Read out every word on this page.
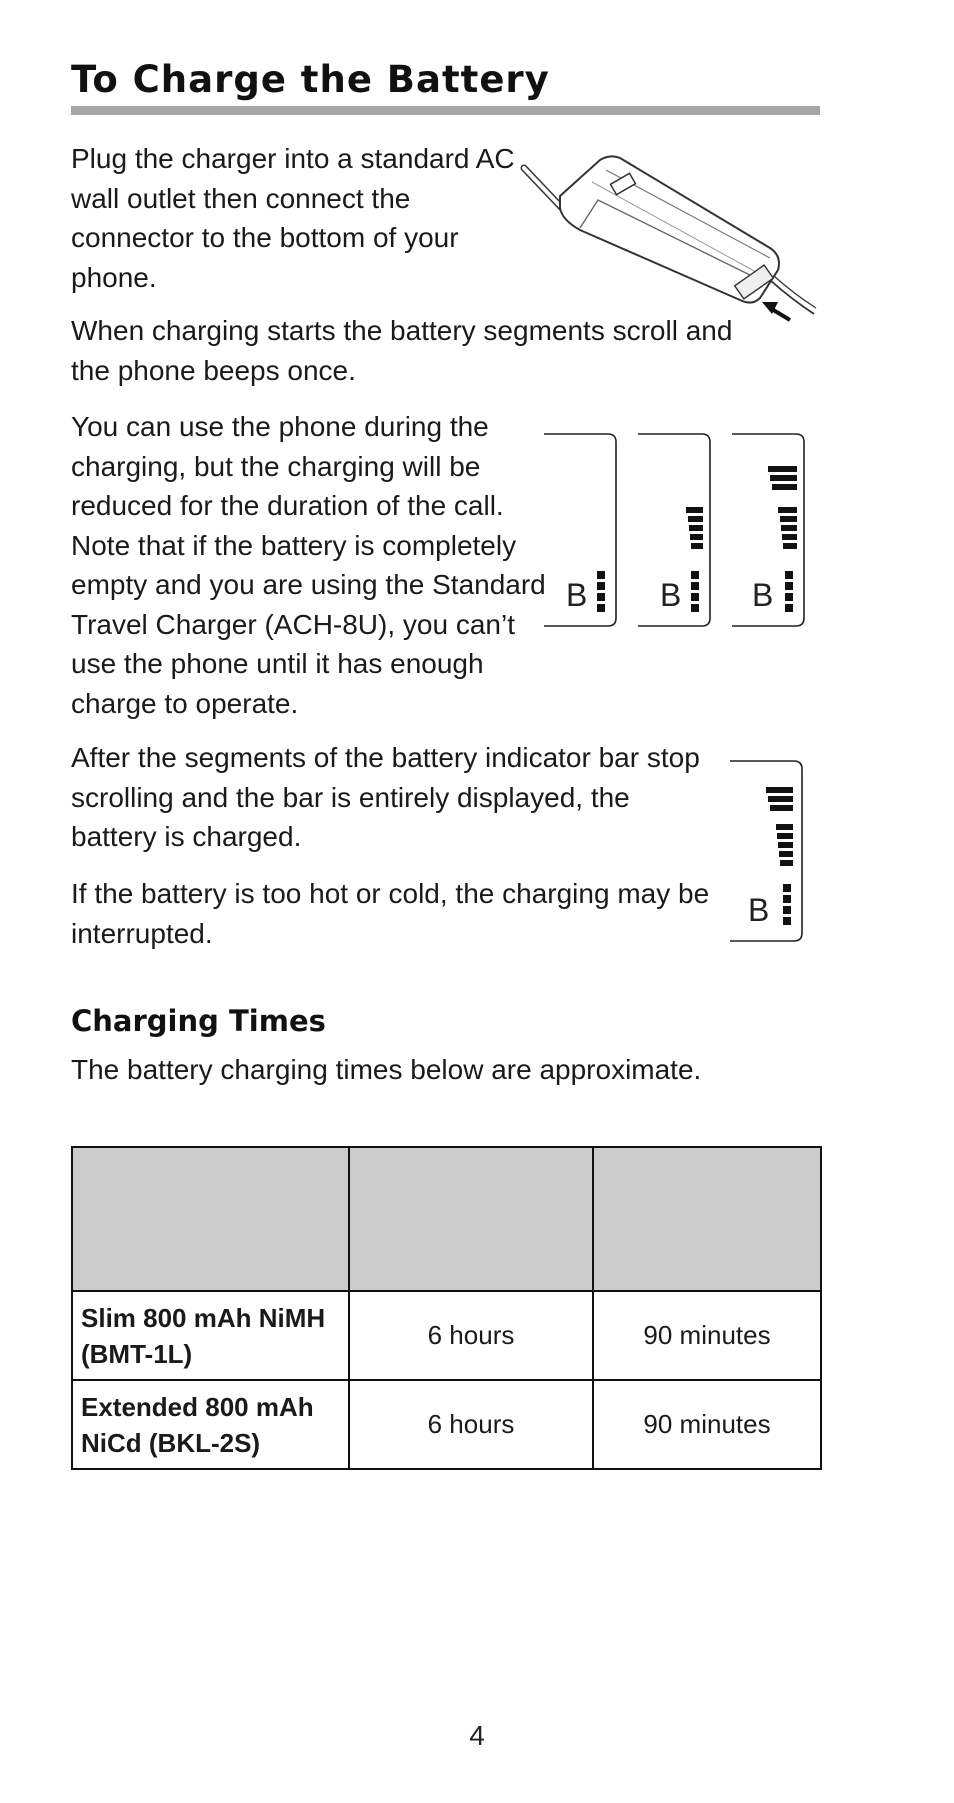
To Charge the Battery

Plug the charger into a standard AC wall outlet then connect the connector to the bottom of your phone.

When charging starts the battery segments scroll and the phone beeps once.

You can use the phone during the charging, but the charging will be reduced for the duration of the call. Note that if the battery is completely empty and you are using the Standard Travel Charger (ACH-8U), you can’t use the phone until it has enough charge to operate.

B B B

After the segments of the battery indicator bar stop scrolling and the bar is entirely displayed, the battery is charged.

If the battery is too hot or cold, the charging may be interrupted.

B
Charging Times

The battery charging times below are approximate.

Slim 800 mAh NiMH (BMT-1L)	6 hours	90 minutes
Extended 800 mAh NiCd (BKL-2S)	6 hours	90 minutes
4
